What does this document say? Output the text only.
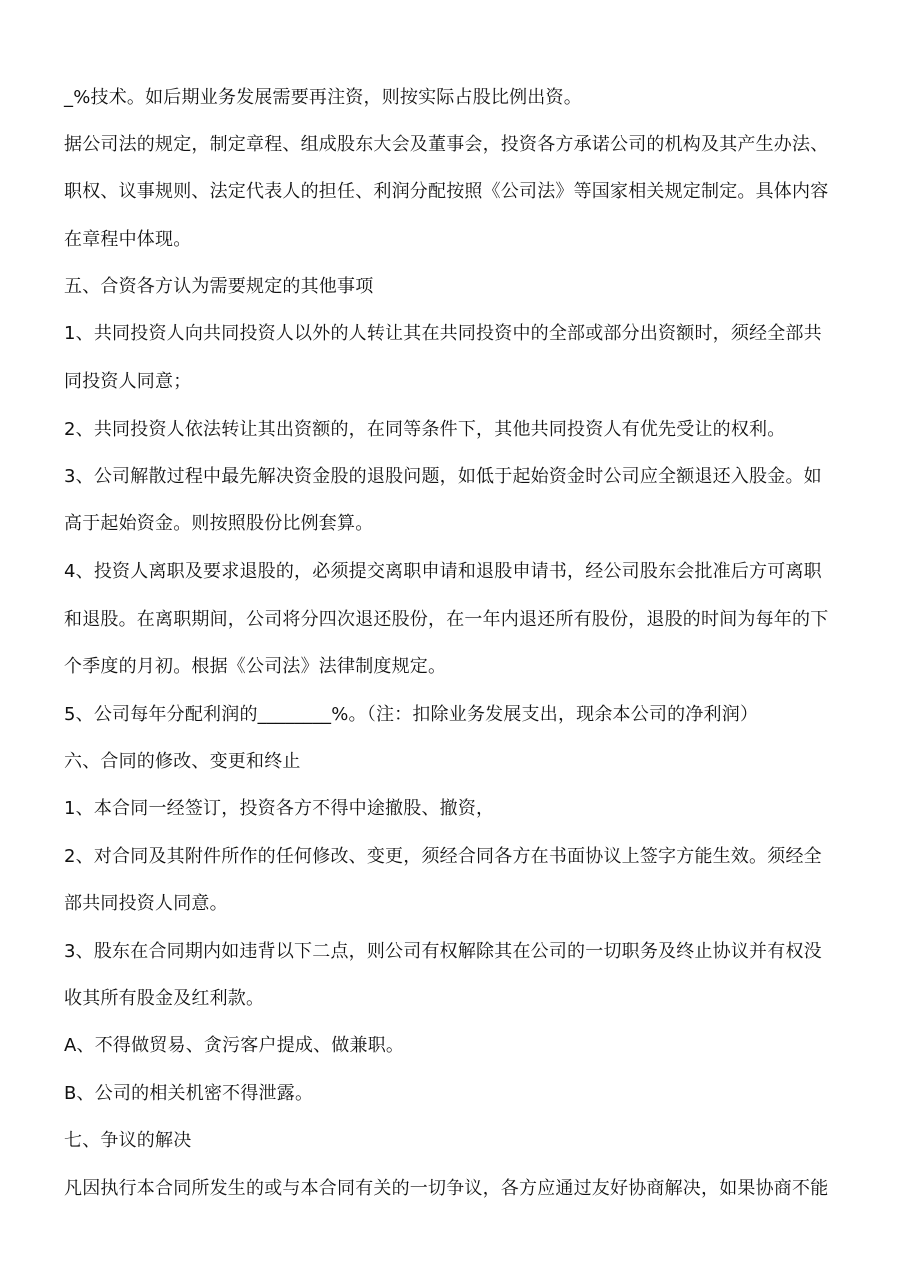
_%技术。如后期业务发展需要再注资，则按实际占股比例出资。
据公司法的规定，制定章程、组成股东大会及董事会，投资各方承诺公司的机构及其产生办法、
职权、议事规则、法定代表人的担任、利润分配按照《公司法》等国家相关规定制定。具体内容
在章程中体现。
五、合资各方认为需要规定的其他事项
1、共同投资人向共同投资人以外的人转让其在共同投资中的全部或部分出资额时，须经全部共
同投资人同意；
2、共同投资人依法转让其出资额的，在同等条件下，其他共同投资人有优先受让的权利。
3、公司解散过程中最先解决资金股的退股问题，如低于起始资金时公司应全额退还入股金。如
高于起始资金。则按照股份比例套算。
4、投资人离职及要求退股的，必须提交离职申请和退股申请书，经公司股东会批准后方可离职
和退股。在离职期间，公司将分四次退还股份，在一年内退还所有股份，退股的时间为每年的下
个季度的月初。根据《公司法》法律制度规定。
5、公司每年分配利润的________%。（注：扣除业务发展支出，现余本公司的净利润）
六、合同的修改、变更和终止
1、本合同一经签订，投资各方不得中途撤股、撤资，
2、对合同及其附件所作的任何修改、变更，须经合同各方在书面协议上签字方能生效。须经全
部共同投资人同意。
3、股东在合同期内如违背以下二点，则公司有权解除其在公司的一切职务及终止协议并有权没
收其所有股金及红利款。
A、不得做贸易、贪污客户提成、做兼职。
B、公司的相关机密不得泄露。
七、争议的解决
凡因执行本合同所发生的或与本合同有关的一切争议，各方应通过友好协商解决，如果协商不能
